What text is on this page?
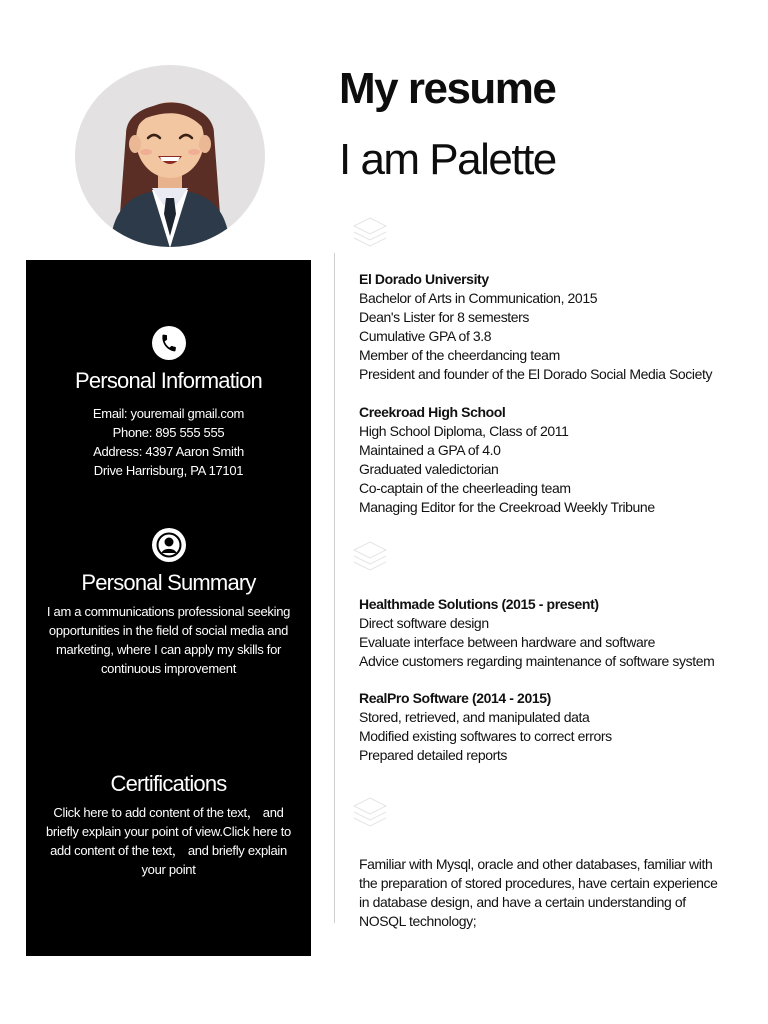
My resume
I am Palette
Personal Information
Email: youremail gmail.com
Phone: 895 555 555
Address: 4397 Aaron Smith
Drive Harrisburg, PA 17101
Personal Summary
I am a communications professional seeking
opportunities in the field of social media and
marketing, where I can apply my skills for
continuous improvement
Certifications
Click here to add content of the text， and
briefly explain your point of view.Click here to
add content of the text， and briefly explain
your point
El Dorado University
Bachelor of Arts in Communication, 2015
Dean's Lister for 8 semesters
Cumulative GPA of 3.8
Member of the cheerdancing team
President and founder of the El Dorado Social Media Society
Creekroad High School
High School Diploma, Class of 2011
Maintained a GPA of 4.0
Graduated valedictorian
Co-captain of the cheerleading team
Managing Editor for the Creekroad Weekly Tribune
Healthmade Solutions (2015 - present)
Direct software design
Evaluate interface between hardware and software
Advice customers regarding maintenance of software system
RealPro Software (2014 - 2015)
Stored, retrieved, and manipulated data
Modified existing softwares to correct errors
Prepared detailed reports
Familiar with Mysql, oracle and other databases, familiar with
the preparation of stored procedures, have certain experience
in database design, and have a certain understanding of
NOSQL technology;
